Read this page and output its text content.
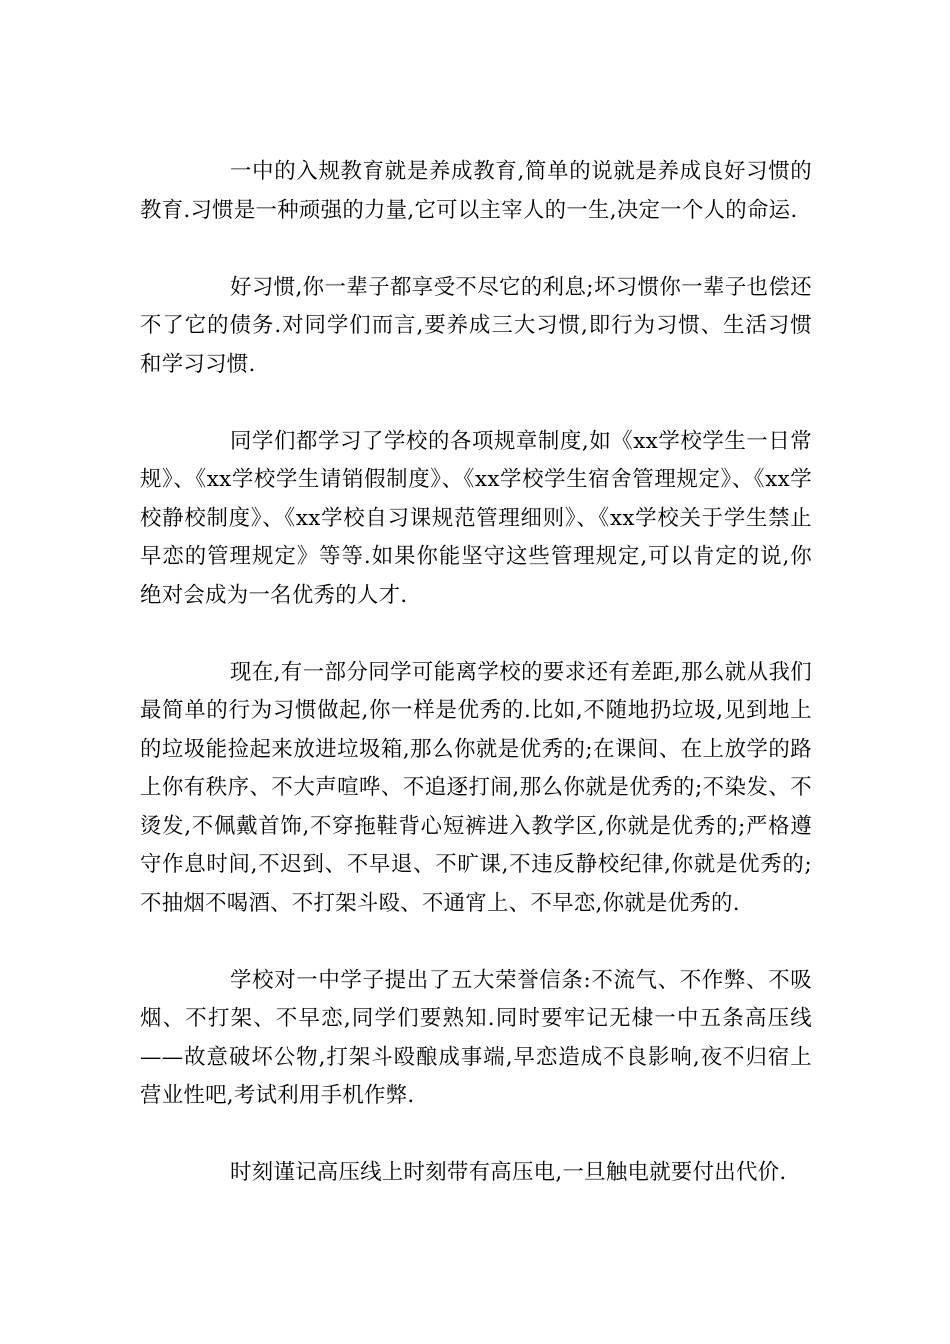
一中的入规教育就是养成教育,简单的说就是养成良好习惯的教育.习惯是一种顽强的力量,它可以主宰人的一生,决定一个人的命运.

好习惯,你一辈子都享受不尽它的利息;坏习惯你一辈子也偿还不了它的债务.对同学们而言,要养成三大习惯,即行为习惯、生活习惯和学习习惯.

同学们都学习了学校的各项规章制度,如《xx学校学生一日常规》、《xx学校学生请销假制度》、《xx学校学生宿舍管理规定》、《xx学校静校制度》、《xx学校自习课规范管理细则》、《xx学校关于学生禁止早恋的管理规定》等等.如果你能坚守这些管理规定,可以肯定的说,你绝对会成为一名优秀的人才.

现在,有一部分同学可能离学校的要求还有差距,那么就从我们最简单的行为习惯做起,你一样是优秀的.比如,不随地扔垃圾,见到地上的垃圾能捡起来放进垃圾箱,那么你就是优秀的;在课间、在上放学的路上你有秩序、不大声喧哗、不追逐打闹,那么你就是优秀的;不染发、不烫发,不佩戴首饰,不穿拖鞋背心短裤进入教学区,你就是优秀的;严格遵守作息时间,不迟到、不早退、不旷课,不违反静校纪律,你就是优秀的;不抽烟不喝酒、不打架斗殴、不通宵上、不早恋,你就是优秀的.

学校对一中学子提出了五大荣誉信条:不流气、不作弊、不吸烟、不打架、不早恋,同学们要熟知.同时要牢记无棣一中五条高压线——故意破坏公物,打架斗殴酿成事端,早恋造成不良影响,夜不归宿上营业性吧,考试利用手机作弊.

时刻谨记高压线上时刻带有高压电,一旦触电就要付出代价.
